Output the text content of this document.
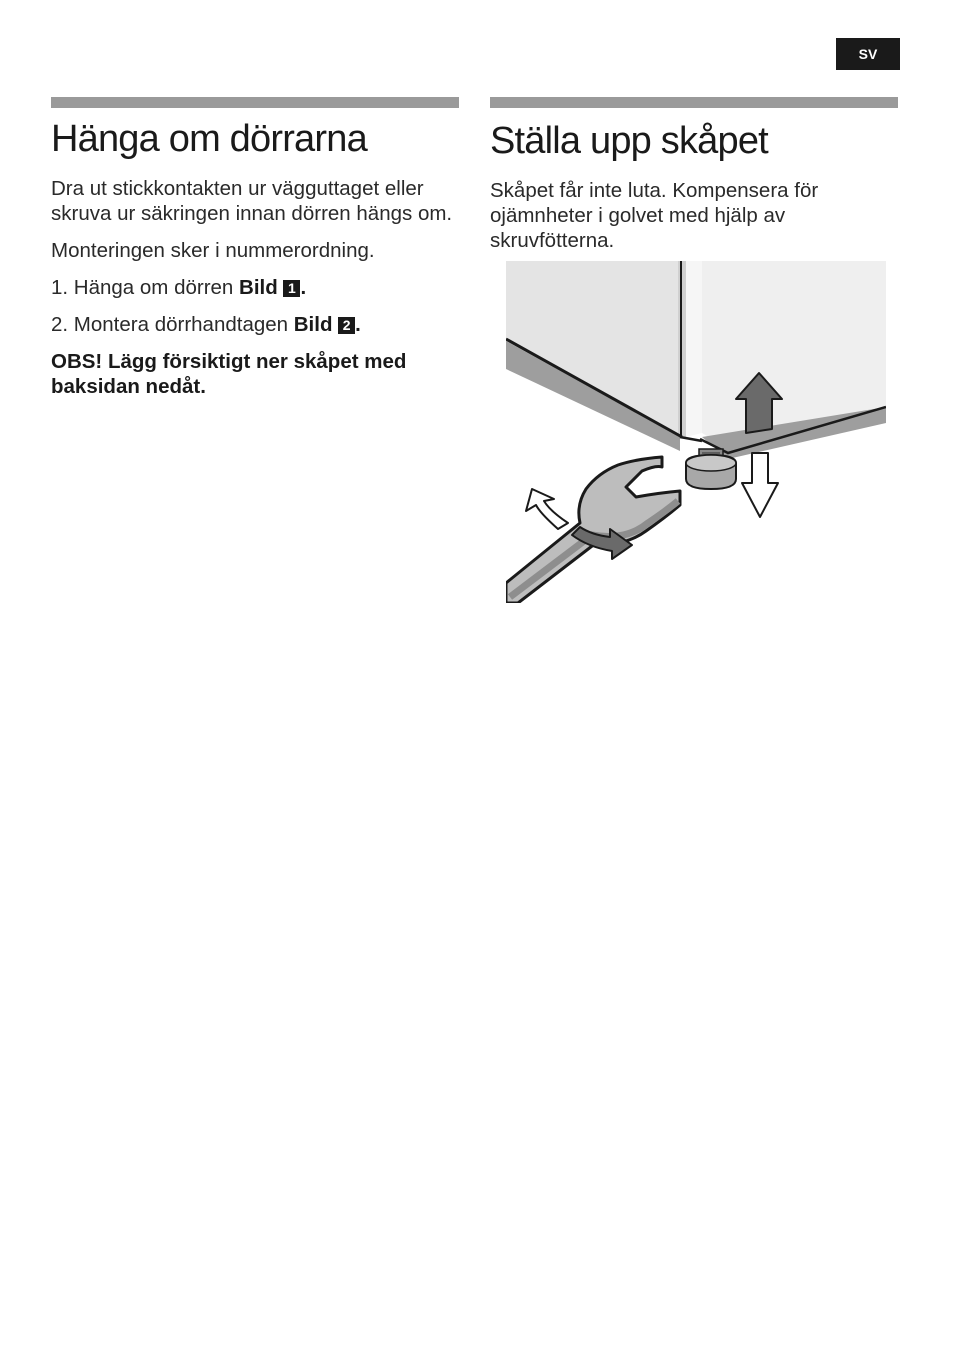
SV
Hänga om dörrarna

Dra ut stickkontakten ur vägguttaget eller skruva ur säkringen innan dörren hängs om.

Monteringen sker i nummerordning.

1. Hänga om dörren Bild 1 .

2. Montera dörrhandtagen Bild 2 .

OBS! Lägg försiktigt ner skåpet med baksidan nedåt.

Ställa upp skåpet

Skåpet får inte luta. Kompensera för ojämnheter i golvet med hjälp av skruvfötterna.
